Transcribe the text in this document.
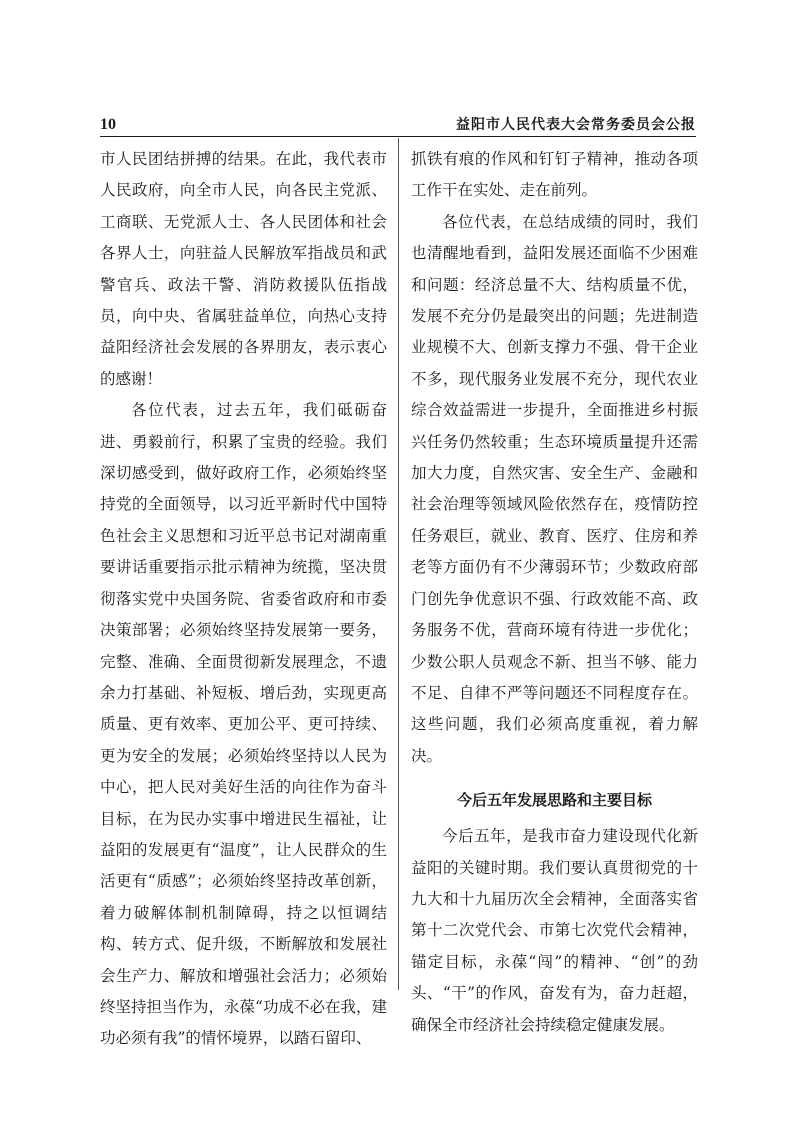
10	益阳市人民代表大会常务委员会公报

市人民团结拼搏的结果。在此，我代表市人民政府，向全市人民，向各民主党派、工商联、无党派人士、各人民团体和社会各界人士，向驻益人民解放军指战员和武警官兵、政法干警、消防救援队伍指战员，向中央、省属驻益单位，向热心支持益阳经济社会发展的各界朋友，表示衷心的感谢！

各位代表，过去五年，我们砥砺奋进、勇毅前行，积累了宝贵的经验。我们深切感受到，做好政府工作，必须始终坚持党的全面领导，以习近平新时代中国特色社会主义思想和习近平总书记对湖南重要讲话重要指示批示精神为统揽，坚决贯彻落实党中央国务院、省委省政府和市委决策部署；必须始终坚持发展第一要务，完整、准确、全面贯彻新发展理念，不遗余力打基础、补短板、增后劲，实现更高质量、更有效率、更加公平、更可持续、更为安全的发展；必须始终坚持以人民为中心，把人民对美好生活的向往作为奋斗目标，在为民办实事中增进民生福祉，让益阳的发展更有“温度”，让人民群众的生活更有“质感”；必须始终坚持改革创新，着力破解体制机制障碍，持之以恒调结构、转方式、促升级，不断解放和发展社会生产力、解放和增强社会活力；必须始终坚持担当作为，永葆“功成不必在我，建功必须有我”的情怀境界，以踏石留印、

抓铁有痕的作风和钉钉子精神，推动各项工作干在实处、走在前列。

各位代表，在总结成绩的同时，我们也清醒地看到，益阳发展还面临不少困难和问题：经济总量不大、结构质量不优，发展不充分仍是最突出的问题；先进制造业规模不大、创新支撑力不强、骨干企业不多，现代服务业发展不充分，现代农业综合效益需进一步提升，全面推进乡村振兴任务仍然较重；生态环境质量提升还需加大力度，自然灾害、安全生产、金融和社会治理等领域风险依然存在，疫情防控任务艰巨，就业、教育、医疗、住房和养老等方面仍有不少薄弱环节；少数政府部门创先争优意识不强、行政效能不高、政务服务不优，营商环境有待进一步优化；少数公职人员观念不新、担当不够、能力不足、自律不严等问题还不同程度存在。这些问题，我们必须高度重视，着力解决。

今后五年发展思路和主要目标

今后五年，是我市奋力建设现代化新益阳的关键时期。我们要认真贯彻党的十九大和十九届历次全会精神，全面落实省第十二次党代会、市第七次党代会精神，锚定目标，永葆“闯”的精神、“创”的劲头、“干”的作风，奋发有为，奋力赶超，确保全市经济社会持续稳定健康发展。
